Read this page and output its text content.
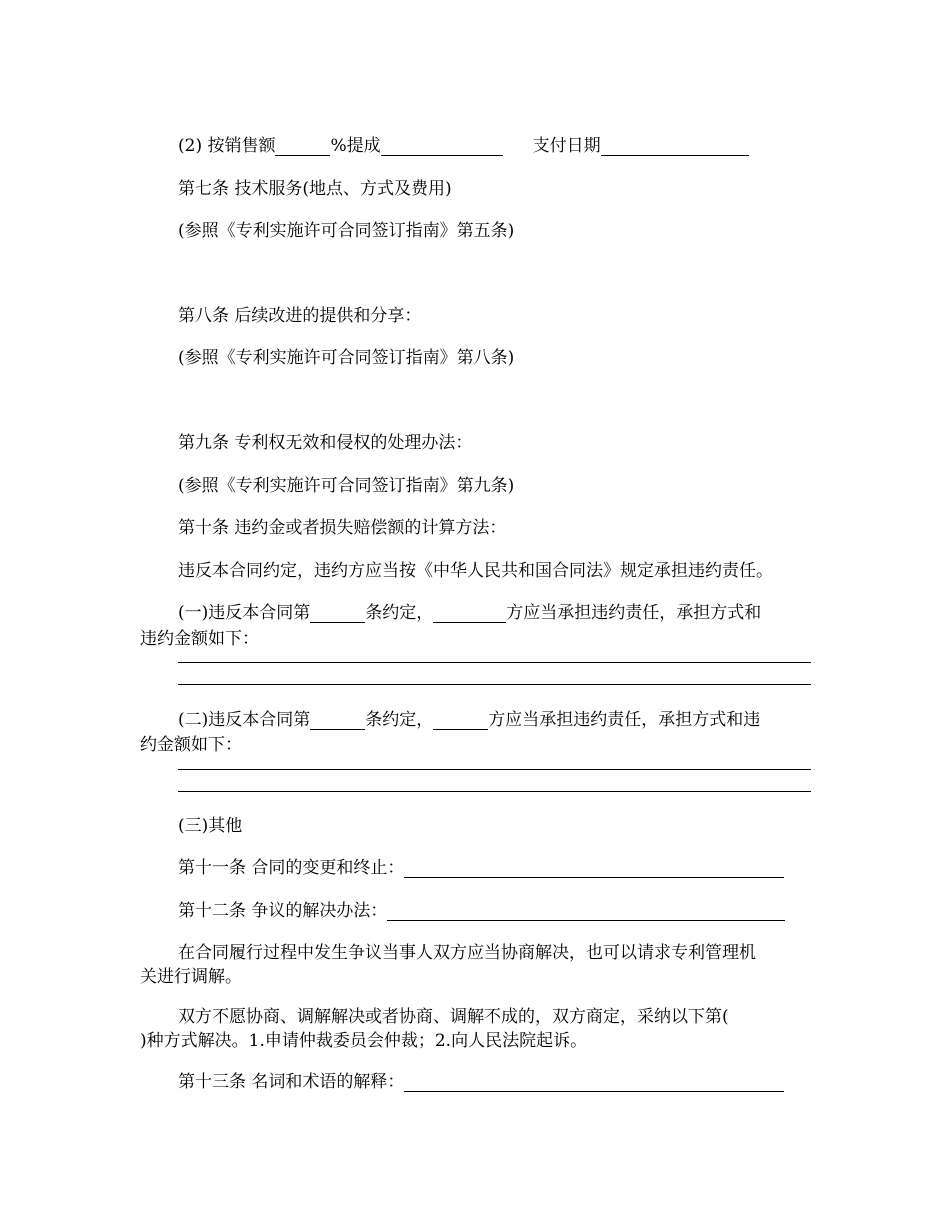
(2) 按销售额	%提成	支付日期
第七条 技术服务(地点、方式及费用)
(参照《专利实施许可合同签订指南》第五条)
第八条 后续改进的提供和分享：
(参照《专利实施许可合同签订指南》第八条)
第九条 专利权无效和侵权的处理办法：
(参照《专利实施许可合同签订指南》第九条)
第十条 违约金或者损失赔偿额的计算方法：
违反本合同约定，违约方应当按《中华人民共和国合同法》规定承担违约责任。
(一)违反本合同第	条约定，	方应当承担违约责任，承担方式和
违约金额如下：
(二)违反本合同第	条约定，	方应当承担违约责任，承担方式和违
约金额如下：
(三)其他
第十一条 合同的变更和终止：
第十二条 争议的解决办法：
在合同履行过程中发生争议当事人双方应当协商解决，也可以请求专利管理机
关进行调解。
双方不愿协商、调解解决或者协商、调解不成的，双方商定，采纳以下第(
)种方式解决。1.申请仲裁委员会仲裁；2.向人民法院起诉。
第十三条 名词和术语的解释：
